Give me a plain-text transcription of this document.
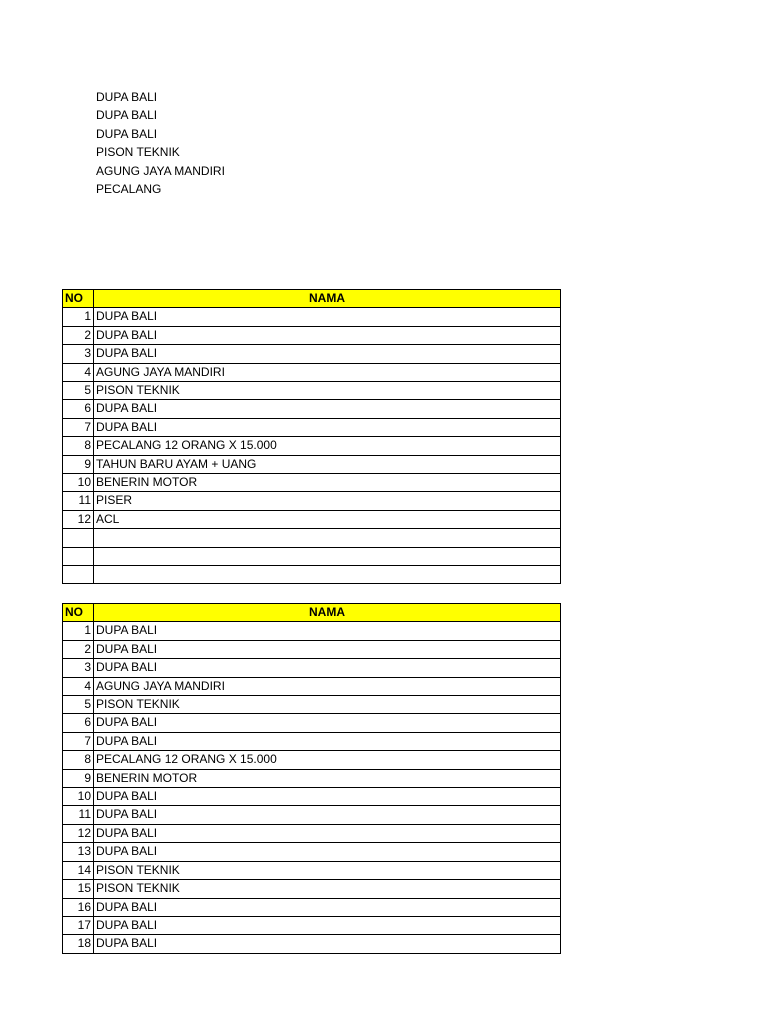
DUPA BALI
DUPA BALI
DUPA BALI
PISON TEKNIK
AGUNG JAYA MANDIRI
PECALANG
NO	NAMA
1	DUPA BALI
2	DUPA BALI
3	DUPA BALI
4	AGUNG JAYA MANDIRI
5	PISON TEKNIK
6	DUPA BALI
7	DUPA BALI
8	PECALANG 12 ORANG X 15.000
9	TAHUN BARU AYAM + UANG
10	BENERIN MOTOR
11	PISER
12	ACL

NO	NAMA
1	DUPA BALI
2	DUPA BALI
3	DUPA BALI
4	AGUNG JAYA MANDIRI
5	PISON TEKNIK
6	DUPA BALI
7	DUPA BALI
8	PECALANG 12 ORANG X 15.000
9	BENERIN MOTOR
10	DUPA BALI
11	DUPA BALI
12	DUPA BALI
13	DUPA BALI
14	PISON TEKNIK
15	PISON TEKNIK
16	DUPA BALI
17	DUPA BALI
18	DUPA BALI
